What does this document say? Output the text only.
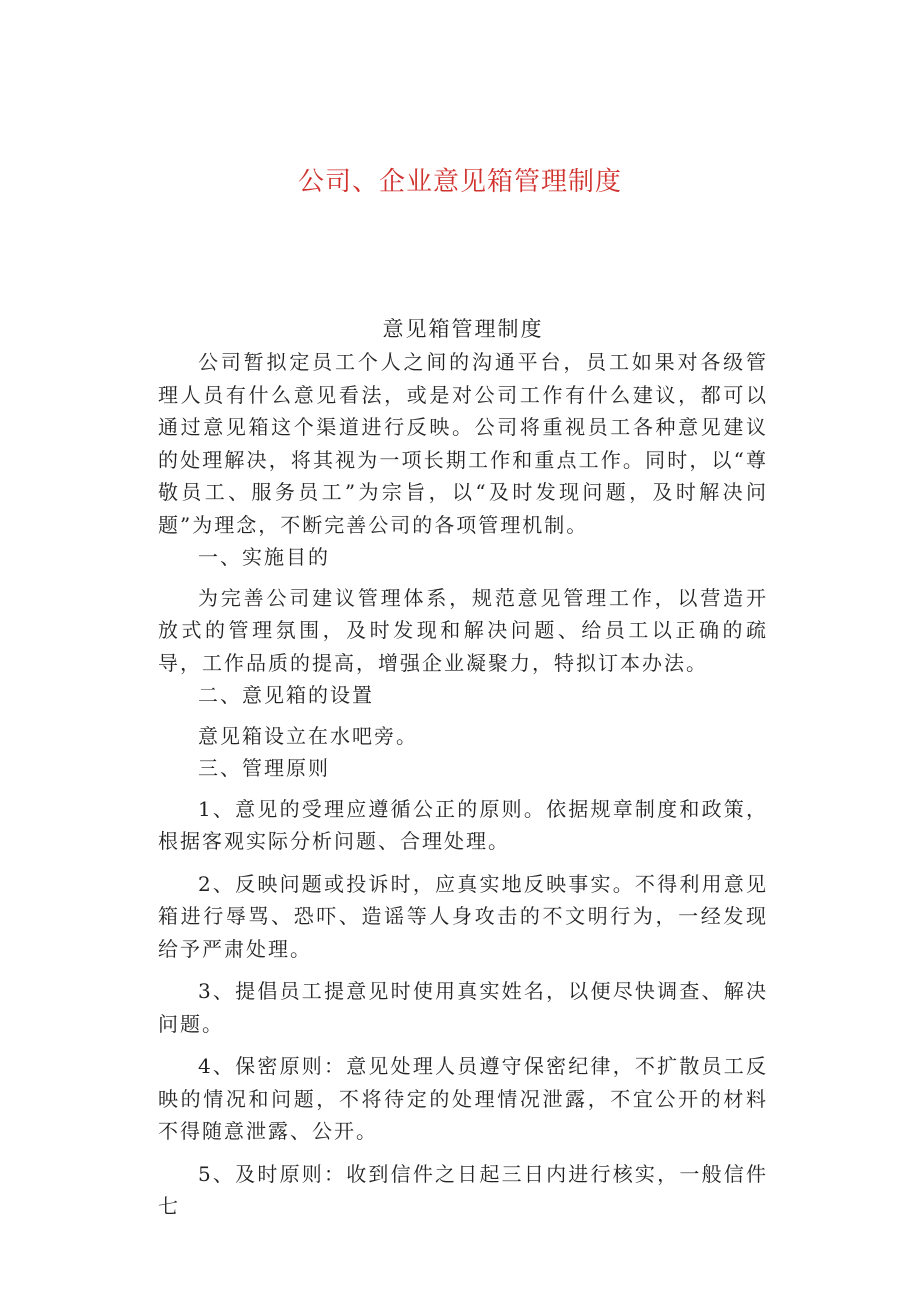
公司、企业意见箱管理制度
意见箱管理制度

公司暂拟定员工个人之间的沟通平台，员工如果对各级管理人员有什么意见看法，或是对公司工作有什么建议，都可以通过意见箱这个渠道进行反映。公司将重视员工各种意见建议的处理解决，将其视为一项长期工作和重点工作。同时，以“尊敬员工、服务员工”为宗旨，以“及时发现问题，及时解决问题”为理念，不断完善公司的各项管理机制。

一、实施目的

为完善公司建议管理体系，规范意见管理工作，以营造开放式的管理氛围，及时发现和解决问题、给员工以正确的疏导，工作品质的提高，增强企业凝聚力，特拟订本办法。

二、意见箱的设置

意见箱设立在水吧旁。

三、管理原则

1、意见的受理应遵循公正的原则。依据规章制度和政策，根据客观实际分析问题、合理处理。

2、反映问题或投诉时，应真实地反映事实。不得利用意见箱进行辱骂、恐吓、造谣等人身攻击的不文明行为，一经发现给予严肃处理。

3、提倡员工提意见时使用真实姓名，以便尽快调查、解决问题。

4、保密原则：意见处理人员遵守保密纪律，不扩散员工反映的情况和问题，不将待定的处理情况泄露，不宜公开的材料不得随意泄露、公开。

5、及时原则：收到信件之日起三日内进行核实，一般信件七
